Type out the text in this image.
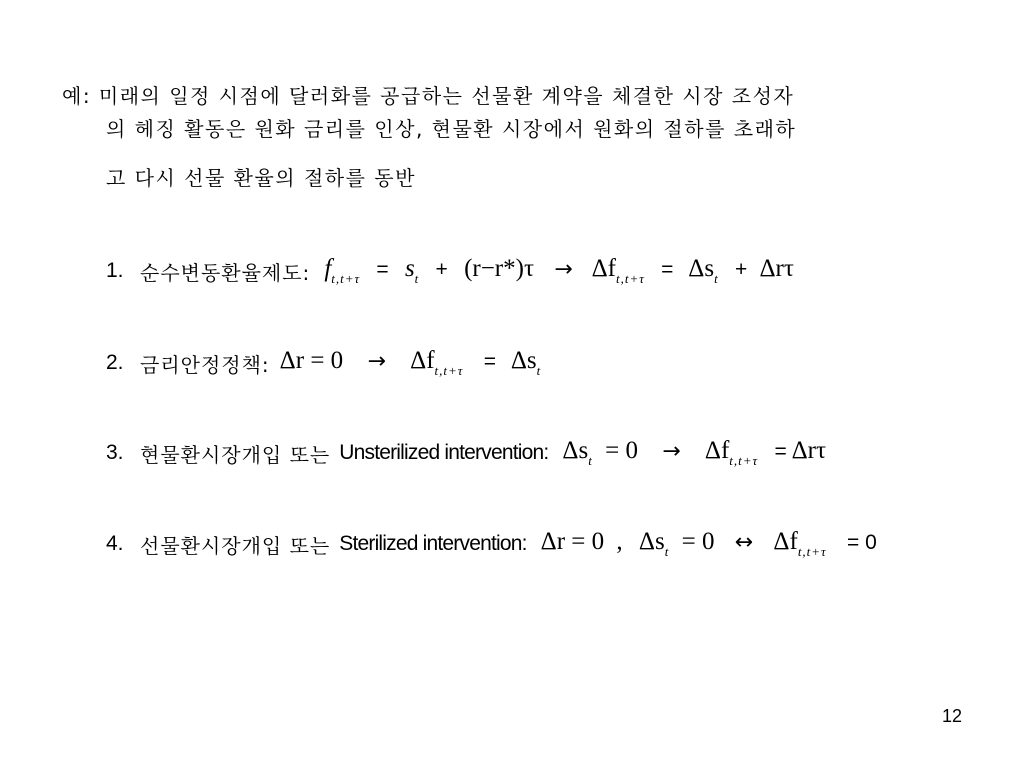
예: 미래의 일정 시점에 달러화를 공급하는 선물환 계약을 체결한 시장 조성자
의 헤징 활동은 원화 금리를 인상, 현물환 시장에서 원화의 절하를 초래하
고 다시 선물 환율의 절하를 동반
1. 순수변동환율제도: $f_{t,t+\tau} = s_t + (r-r*)\tau \to \Delta f_{t,t+\tau} = \Delta s_t + \Delta r\tau$
2. 금리안정정책: $\Delta r = 0 \to \Delta f_{t,t+\tau} = \Delta s_t$
3. 현물환시장개입 또는 Unsterilized intervention: $\Delta s_t = 0 \to \Delta f_{t,t+\tau} = \Delta r\tau$
4. 선물환시장개입 또는 Sterilized intervention: Δr = 0 , $\Delta s_t = 0$ ↔ $\Delta f_{t,t+\tau} = 0$
12
